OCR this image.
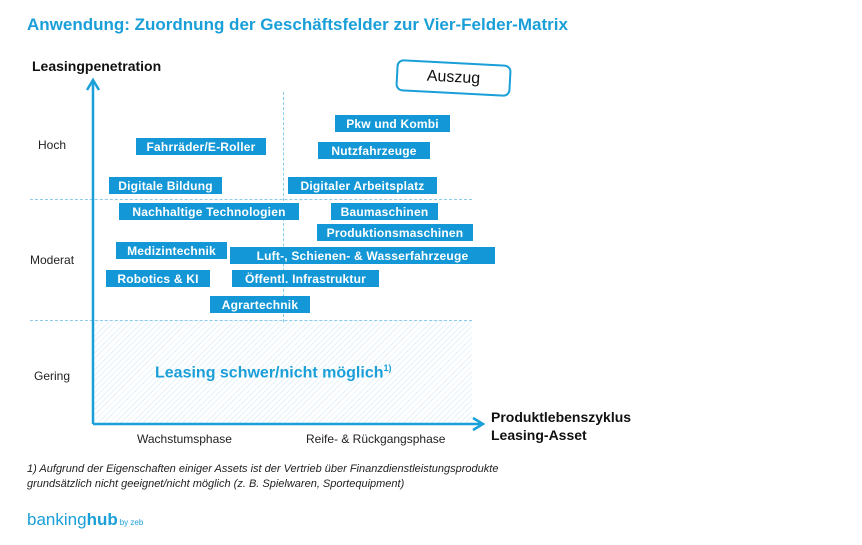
Anwendung: Zuordnung der Geschäftsfelder zur Vier-Felder-Matrix
Leasingpenetration
Auszug
Hoch
Moderat
Gering
Wachstumsphase	Reife- & Rückgangsphase
Pkw und Kombi
Fahrräder/E-Roller	Nutzfahrzeuge
Digitale Bildung	Digitaler Arbeitsplatz
Nachhaltige Technologien	Baumaschinen
Produktionsmaschinen
Medizintechnik	Luft-, Schienen- & Wasserfahrzeuge
Robotics & KI	Öffentl. Infrastruktur
Agrartechnik
Leasing schwer/nicht möglich$^{1)}$
Produktlebenszyklus
Leasing-Asset
1) Aufgrund der Eigenschaften einiger Assets ist der Vertrieb über Finanzdienstleistungsprodukte
grundsätzlich nicht geeignet/nicht möglich (z. B. Spielwaren, Sportequipment)
bankinghub by zeb
